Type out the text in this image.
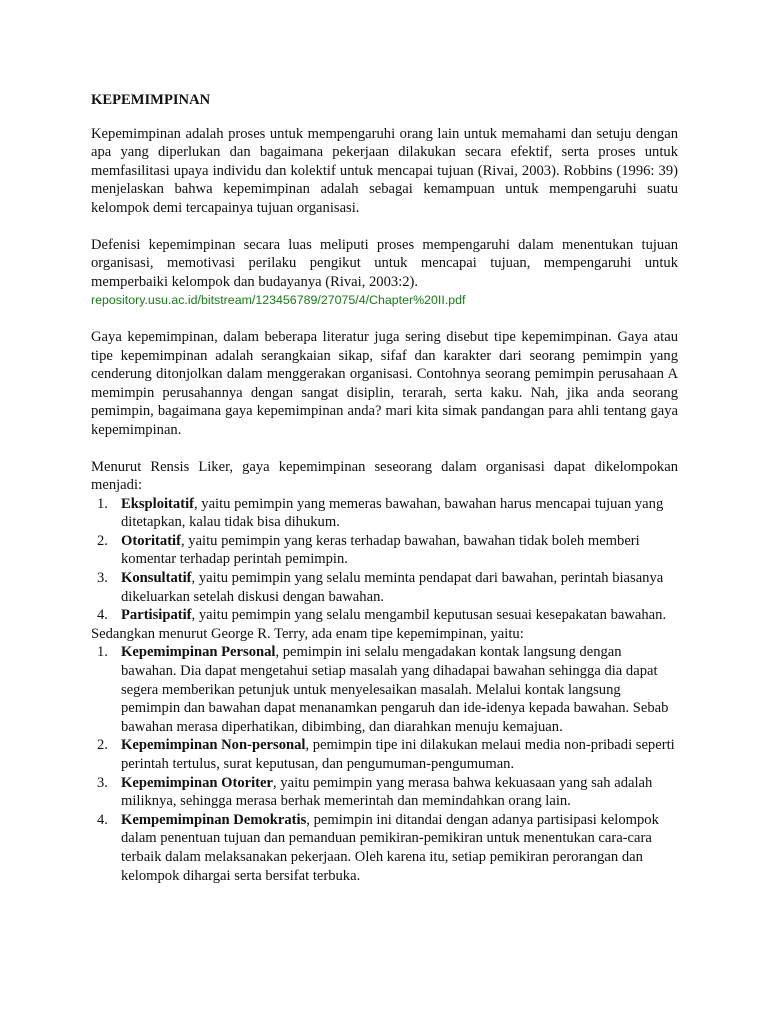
KEPEMIMPINAN

Kepemimpinan adalah proses untuk mempengaruhi orang lain untuk memahami dan setuju dengan apa yang diperlukan dan bagaimana pekerjaan dilakukan secara efektif, serta proses untuk memfasilitasi upaya individu dan kolektif untuk mencapai tujuan (Rivai, 2003). Robbins (1996: 39) menjelaskan bahwa kepemimpinan adalah sebagai kemampuan untuk mempengaruhi suatu kelompok demi tercapainya tujuan organisasi.

Defenisi kepemimpinan secara luas meliputi proses mempengaruhi dalam menentukan tujuan organisasi, memotivasi perilaku pengikut untuk mencapai tujuan, mempengaruhi untuk memperbaiki kelompok dan budayanya (Rivai, 2003:2).

repository.usu.ac.id/bitstream/123456789/27075/4/Chapter%20II.pdf

Gaya kepemimpinan, dalam beberapa literatur juga sering disebut tipe kepemimpinan. Gaya atau tipe kepemimpinan adalah serangkaian sikap, sifaf dan karakter dari seorang pemimpin yang cenderung ditonjolkan dalam menggerakan organisasi. Contohnya seorang pemimpin perusahaan A memimpin perusahannya dengan sangat disiplin, terarah, serta kaku. Nah, jika anda seorang pemimpin, bagaimana gaya kepemimpinan anda? mari kita simak pandangan para ahli tentang gaya kepemimpinan.

Menurut Rensis Liker, gaya kepemimpinan seseorang dalam organisasi dapat dikelompokan menjadi:

1. Eksploitatif, yaitu pemimpin yang memeras bawahan, bawahan harus mencapai tujuan yang ditetapkan, kalau tidak bisa dihukum.
2. Otoritatif, yaitu pemimpin yang keras terhadap bawahan, bawahan tidak boleh memberi komentar terhadap perintah pemimpin.
3. Konsultatif, yaitu pemimpin yang selalu meminta pendapat dari bawahan, perintah biasanya dikeluarkan setelah diskusi dengan bawahan.
4. Partisipatif, yaitu pemimpin yang selalu mengambil keputusan sesuai kesepakatan bawahan.

Sedangkan menurut George R. Terry, ada enam tipe kepemimpinan, yaitu:

1. Kepemimpinan Personal, pemimpin ini selalu mengadakan kontak langsung dengan bawahan. Dia dapat mengetahui setiap masalah yang dihadapai bawahan sehingga dia dapat segera memberikan petunjuk untuk menyelesaikan masalah. Melalui kontak langsung pemimpin dan bawahan dapat menanamkan pengaruh dan ide-idenya kepada bawahan. Sebab bawahan merasa diperhatikan, dibimbing, dan diarahkan menuju kemajuan.
2. Kepemimpinan Non-personal, pemimpin tipe ini dilakukan melaui media non-pribadi seperti perintah tertulus, surat keputusan, dan pengumuman-pengumuman.
3. Kepemimpinan Otoriter, yaitu pemimpin yang merasa bahwa kekuasaan yang sah adalah miliknya, sehingga merasa berhak memerintah dan memindahkan orang lain.
4. Kempemimpinan Demokratis, pemimpin ini ditandai dengan adanya partisipasi kelompok dalam penentuan tujuan dan pemanduan pemikiran-pemikiran untuk menentukan cara-cara terbaik dalam melaksanakan pekerjaan. Oleh karena itu, setiap pemikiran perorangan dan kelompok dihargai serta bersifat terbuka.
